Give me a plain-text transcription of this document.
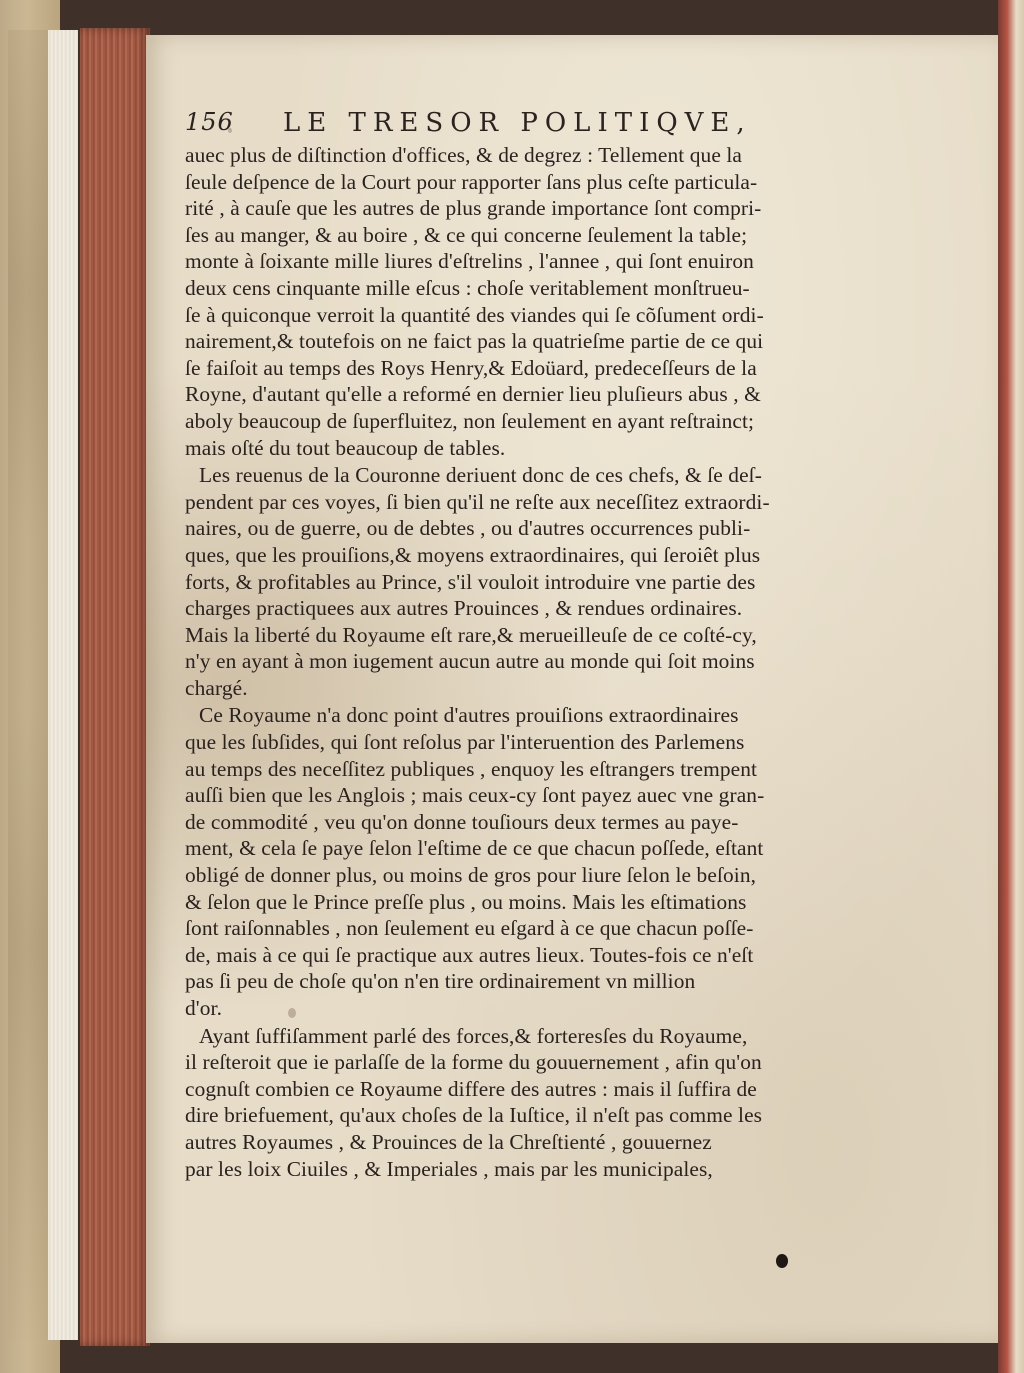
156 LE TRESOR POLITIQVE,
auec plus de diſtinction d'offices, & de degrez : Tellement que la
ſeule deſpence de la Court pour rapporter ſans plus ceſte particula-
rité , à cauſe que les autres de plus grande importance ſont compri-
ſes au manger, & au boire , & ce qui concerne ſeulement la table;
monte à ſoixante mille liures d'eſtrelins , l'annee , qui ſont enuiron
deux cens cinquante mille eſcus : choſe veritablement monſtrueu-
ſe à quiconque verroit la quantité des viandes qui ſe cõſument ordi-
nairement,& toutefois on ne faict pas la quatrieſme partie de ce qui
ſe faiſoit au temps des Roys Henry,& Edoüard, predeceſſeurs de la
Royne, d'autant qu'elle a reformé en dernier lieu pluſieurs abus , &
aboly beaucoup de ſuperfluitez, non ſeulement en ayant reſtrainct;
mais oſté du tout beaucoup de tables.
Les reuenus de la Couronne deriuent donc de ces chefs, & ſe deſ-
pendent par ces voyes, ſi bien qu'il ne reſte aux neceſſitez extraordi-
naires, ou de guerre, ou de debtes , ou d'autres occurrences publi-
ques, que les prouiſions,& moyens extraordinaires, qui ſeroiêt plus
forts, & profitables au Prince, s'il vouloit introduire vne partie des
charges practiquees aux autres Prouinces , & rendues ordinaires.
Mais la liberté du Royaume eſt rare,& merueilleuſe de ce coſté-cy,
n'y en ayant à mon iugement aucun autre au monde qui ſoit moins
chargé.
Ce Royaume n'a donc point d'autres prouiſions extraordinaires
que les ſubſides, qui ſont reſolus par l'interuention des Parlemens
au temps des neceſſitez publiques , enquoy les eſtrangers trempent
auſſi bien que les Anglois ; mais ceux-cy ſont payez auec vne gran-
de commodité , veu qu'on donne touſiours deux termes au paye-
ment, & cela ſe paye ſelon l'eſtime de ce que chacun poſſede, eſtant
obligé de donner plus, ou moins de gros pour liure ſelon le beſoin,
& ſelon que le Prince preſſe plus , ou moins. Mais les eſtimations
ſont raiſonnables , non ſeulement eu eſgard à ce que chacun poſſe-
de, mais à ce qui ſe practique aux autres lieux. Toutes-fois ce n'eſt
pas ſi peu de choſe qu'on n'en tire ordinairement vn million
d'or.
Ayant ſuffiſamment parlé des forces,& forteresſes du Royaume,
il reſteroit que ie parlaſſe de la forme du gouuernement , afin qu'on
cognuſt combien ce Royaume differe des autres : mais il ſuffira de
dire briefuement, qu'aux choſes de la Iuſtice, il n'eſt pas comme les
autres Royaumes , & Prouinces de la Chreſtienté , gouuernez
par les loix Ciuiles , & Imperiales , mais par les municipales,
